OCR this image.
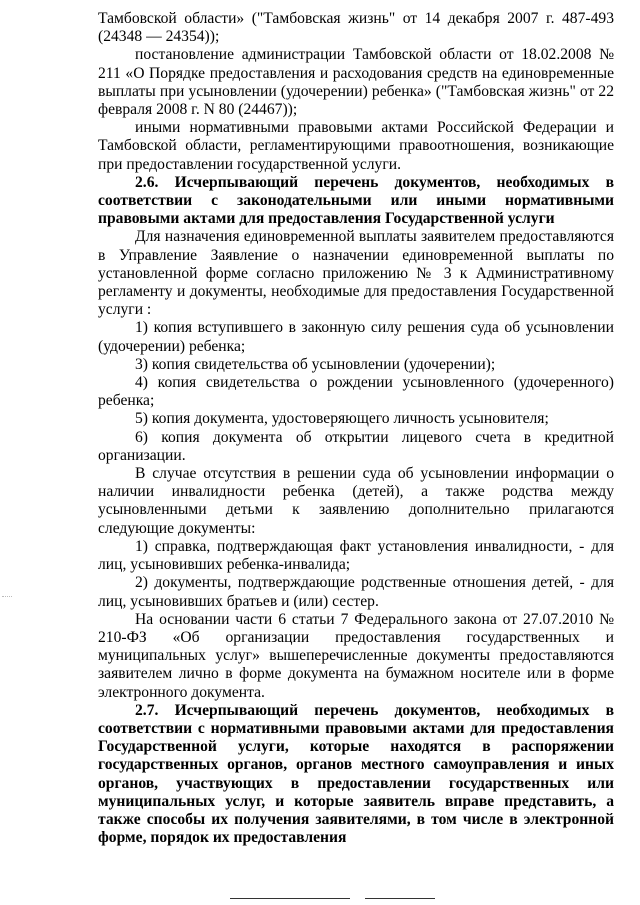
Тамбовской области» ("Тамбовская жизнь" от 14 декабря 2007 г. 487-493 (24348 — 24354));

постановление администрации Тамбовской области от 18.02.2008 № 211 «О Порядке предоставления и расходования средств на единовременные выплаты при усыновлении (удочерении) ребенка» ("Тамбовская жизнь" от 22 февраля 2008 г. N 80 (24467));

иными нормативными правовыми актами Российской Федерации и Тамбовской области, регламентирующими правоотношения, возникающие при предоставлении государственной услуги.

2.6. Исчерпывающий перечень документов, необходимых в соответствии с законодательными или иными нормативными правовыми актами для предоставления Государственной услуги

Для назначения единовременной выплаты заявителем предоставляются в Управление Заявление о назначении единовременной выплаты по установленной форме согласно приложению № 3 к Административному регламенту и документы, необходимые для предоставления Государственной услуги :

1) копия вступившего в законную силу решения суда об усыновлении (удочерении) ребенка;

3) копия свидетельства об усыновлении (удочерении);

4) копия свидетельства о рождении усыновленного (удочеренного) ребенка;

5) копия документа, удостоверяющего личность усыновителя;

6) копия документа об открытии лицевого счета в кредитной организации.

В случае отсутствия в решении суда об усыновлении информации о наличии инвалидности ребенка (детей), а также родства между усыновленными детьми к заявлению дополнительно прилагаются следующие документы:

1) справка, подтверждающая факт установления инвалидности, - для лиц, усыновивших ребенка-инвалида;

2) документы, подтверждающие родственные отношения детей, - для лиц, усыновивших братьев и (или) сестер.

На основании части 6 статьи 7 Федерального закона от 27.07.2010 № 210-ФЗ «Об организации предоставления государственных и муниципальных услуг» вышеперечисленные документы предоставляются заявителем лично в форме документа на бумажном носителе или в форме электронного документа.

2.7. Исчерпывающий перечень документов, необходимых в соответствии с нормативными правовыми актами для предоставления Государственной услуги, которые находятся в распоряжении государственных органов, органов местного самоуправления и иных органов, участвующих в предоставлении государственных или муниципальных услуг, и которые заявитель вправе представить, а также способы их получения заявителями, в том числе в электронной форме, порядок их предоставления
